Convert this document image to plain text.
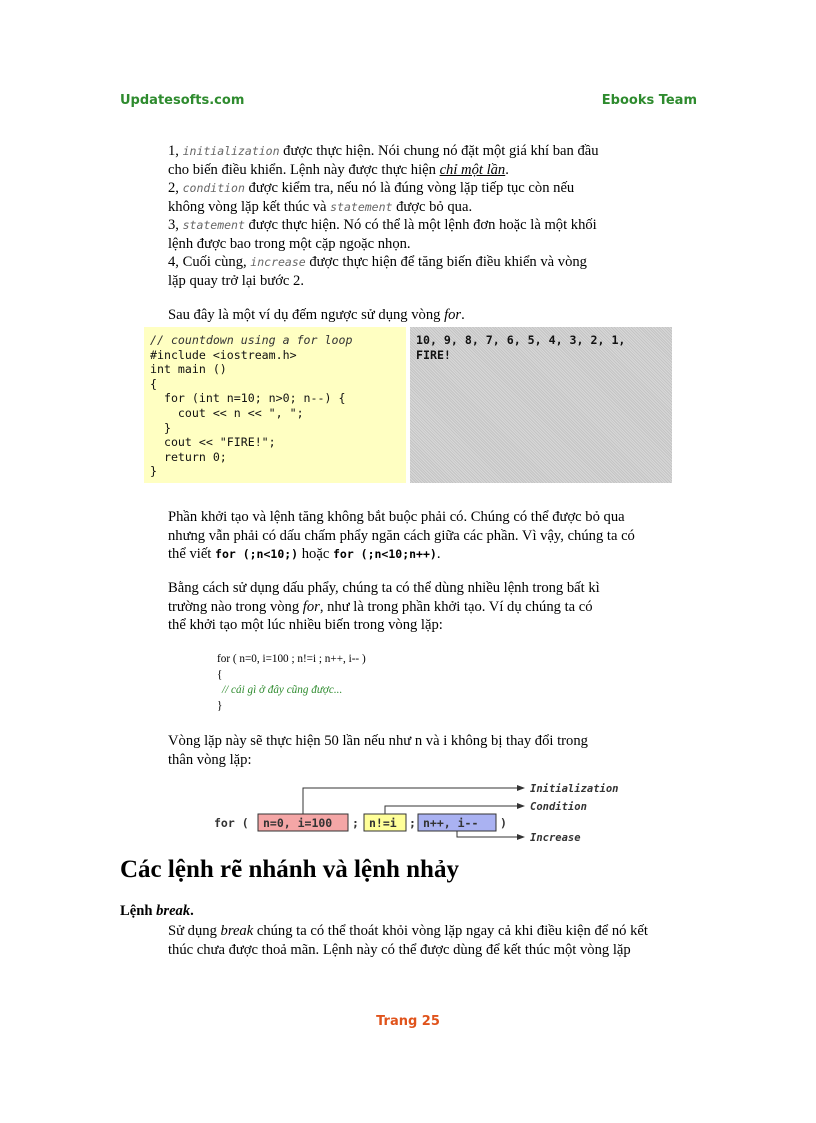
Updatesofts.com	Ebooks Team
1, initialization được thực hiện. Nói chung nó đặt một giá khí ban đầu
cho biến điều khiển. Lệnh này được thực hiện chỉ một lần.
2, condition được kiểm tra, nếu nó là đúng vòng lặp tiếp tục còn nếu
không vòng lặp kết thúc và statement được bỏ qua.
3, statement được thực hiện. Nó có thể là một lệnh đơn hoặc là một khối
lệnh được bao trong một cặp ngoặc nhọn.
4, Cuối cùng, increase được thực hiện để tăng biến điều khiển và vòng
lặp quay trở lại bước 2.
Sau đây là một ví dụ đếm ngược sử dụng vòng for.
// countdown using a for loop
#include <iostream.h>
int main ()
{
for (int n=10; n>0; n--) {
cout << n << ", ";
}
cout << "FIRE!";
return 0;
}
10, 9, 8, 7, 6, 5, 4, 3, 2, 1,
FIRE!
Phần khởi tạo và lệnh tăng không bắt buộc phải có. Chúng có thể được bỏ qua
nhưng vẫn phải có dấu chấm phẩy ngăn cách giữa các phần. Vì vậy, chúng ta có
thể viết for (;n<10;) hoặc for (;n<10;n++).
Bằng cách sử dụng dấu phẩy, chúng ta có thể dùng nhiều lệnh trong bất kì
trường nào trong vòng for, như là trong phần khởi tạo. Ví dụ chúng ta có
thể khởi tạo một lúc nhiều biến trong vòng lặp:
for ( n=0, i=100 ; n!=i ; n++, i-- )
{
// cái gì ở đây cũng được...
}
Vòng lặp này sẽ thực hiện 50 lần nếu như n và i không bị thay đổi trong
thân vòng lặp:
for ( n=0, i=100 ; n!=i ; n++, i-- )
Initialization
Condition
Increase
Các lệnh rẽ nhánh và lệnh nhảy
Lệnh break.
Sử dụng break chúng ta có thể thoát khỏi vòng lặp ngay cả khi điều kiện để nó kết
thúc chưa được thoả mãn. Lệnh này có thể được dùng để kết thúc một vòng lặp
Trang 25
